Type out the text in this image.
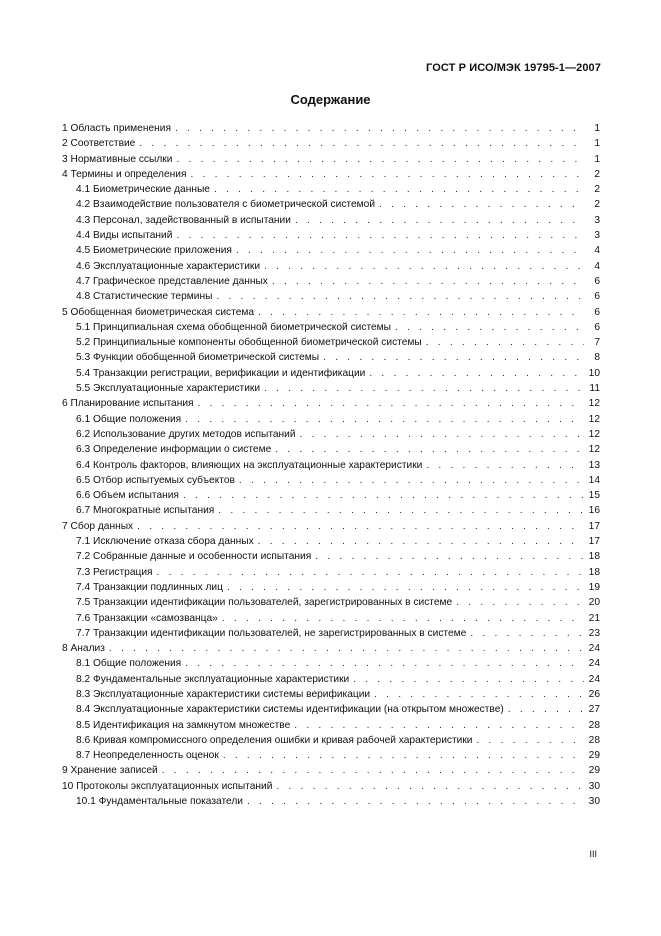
ГОСТ Р ИСО/МЭК 19795-1—2007
Содержание
1 Область применения . . .	1
2 Соответствие . . .	1
3 Нормативные ссылки . . .	1
4 Термины и определения . . .	2
4.1 Биометрические данные . . .	2
4.2 Взаимодействие пользователя с биометрической системой . . .	2
4.3 Персонал, задействованный в испытании . . .	3
4.4 Виды испытаний . . .	3
4.5 Биометрические приложения . . .	4
4.6 Эксплуатационные характеристики . . .	4
4.7 Графическое представление данных . . .	6
4.8 Статистические термины . . .	6
5 Обобщенная биометрическая система . . .	6
5.1 Принципиальная схема обобщенной биометрической системы . . .	6
5.2 Принципиальные компоненты обобщенной биометрической системы . . .	7
5.3 Функции обобщенной биометрической системы . . .	8
5.4 Транзакции регистрации, верификации и идентификации . . .	10
5.5 Эксплуатационные характеристики . . .	11
6 Планирование испытания . . .	12
6.1 Общие положения . . .	12
6.2 Использование других методов испытаний . . .	12
6.3 Определение информации о системе . . .	12
6.4 Контроль факторов, влияющих на эксплуатационные характеристики . . .	13
6.5 Отбор испытуемых субъектов . . .	14
6.6 Объем испытания . . .	15
6.7 Многократные испытания . . .	16
7 Сбор данных . . .	17
7.1 Исключение отказа сбора данных . . .	17
7.2 Собранные данные и особенности испытания . . .	18
7.3 Регистрация . . .	18
7.4 Транзакции подлинных лиц . . .	19
7.5 Транзакции идентификации пользователей, зарегистрированных в системе . . .	20
7.6 Транзакции «самозванца» . . .	21
7.7 Транзакции идентификации пользователей, не зарегистрированных в системе . . .	23
8 Анализ . . .	24
8.1 Общие положения . . .	24
8.2 Фундаментальные эксплуатационные характеристики . . .	24
8.3 Эксплуатационные характеристики системы верификации . . .	26
8.4 Эксплуатационные характеристики системы идентификации (на открытом множестве) . . .	27
8.5 Идентификация на замкнутом множестве . . .	28
8.6 Кривая компромиссного определения ошибки и кривая рабочей характеристики . . .	28
8.7 Неопределенность оценок . . .	29
9 Хранение записей . . .	29
10 Протоколы эксплуатационных испытаний . . .	30
10.1 Фундаментальные показатели . . .	30
III
